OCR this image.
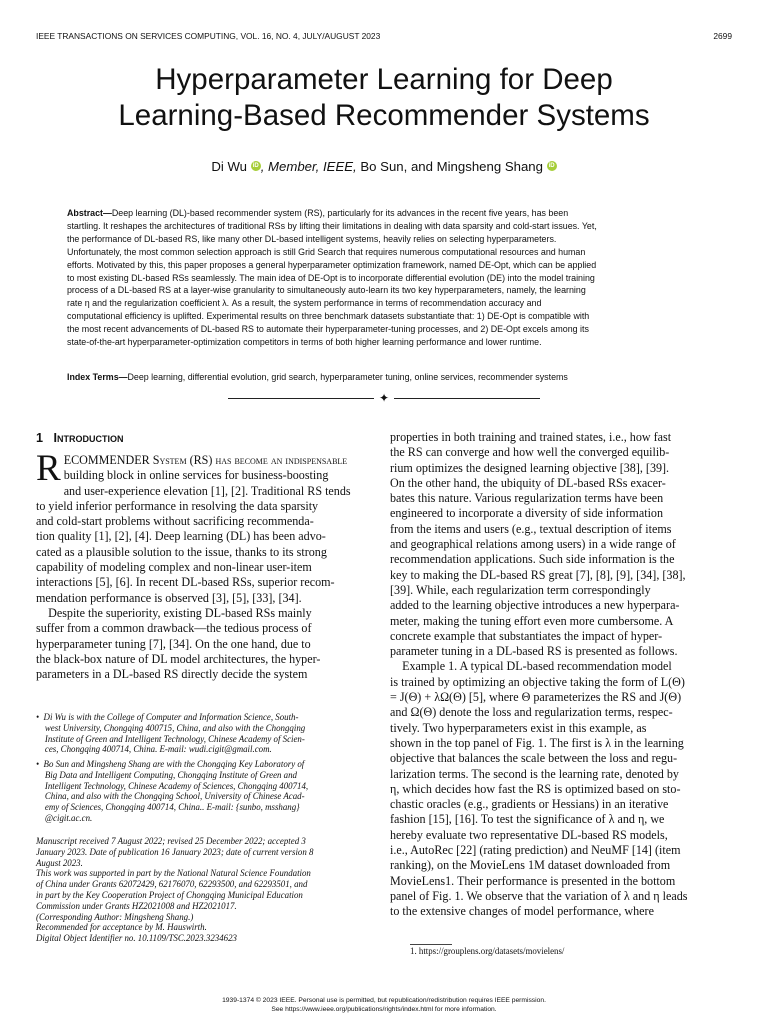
IEEE TRANSACTIONS ON SERVICES COMPUTING, VOL. 16, NO. 4, JULY/AUGUST 2023	2699
Hyperparameter Learning for Deep
Learning-Based Recommender Systems
Di Wu iD , Member, IEEE, Bo Sun, and Mingsheng Shang iD
Abstract—Deep learning (DL)-based recommender system (RS), particularly for its advances in the recent five years, has been
startling. It reshapes the architectures of traditional RSs by lifting their limitations in dealing with data sparsity and cold-start issues. Yet,
the performance of DL-based RS, like many other DL-based intelligent systems, heavily relies on selecting hyperparameters.
Unfortunately, the most common selection approach is still Grid Search that requires numerous computational resources and human
efforts. Motivated by this, this paper proposes a general hyperparameter optimization framework, named DE-Opt, which can be applied
to most existing DL-based RSs seamlessly. The main idea of DE-Opt is to incorporate differential evolution (DE) into the model training
process of a DL-based RS at a layer-wise granularity to simultaneously auto-learn its two key hyperparameters, namely, the learning
rate η and the regularization coefficient λ. As a result, the system performance in terms of recommendation accuracy and
computational efficiency is uplifted. Experimental results on three benchmark datasets substantiate that: 1) DE-Opt is compatible with
the most recent advancements of DL-based RS to automate their hyperparameter-tuning processes, and 2) DE-Opt excels among its
state-of-the-art hyperparameter-optimization competitors in terms of both higher learning performance and lower runtime.
Index Terms—Deep learning, differential evolution, grid search, hyperparameter tuning, online services, recommender systems
✦
1 Introduction
R ECOMMENDER System (RS) has become an indispensable
building block in online services for business-boosting
and user-experience elevation [1], [2]. Traditional RS tends
to yield inferior performance in resolving the data sparsity
and cold-start problems without sacrificing recommenda-
tion quality [1], [2], [4]. Deep learning (DL) has been advo-
cated as a plausible solution to the issue, thanks to its strong
capability of modeling complex and non-linear user-item
interactions [5], [6]. In recent DL-based RSs, superior recom-
mendation performance is observed [3], [5], [33], [34].
Despite the superiority, existing DL-based RSs mainly
suffer from a common drawback—the tedious process of
hyperparameter tuning [7], [34]. On the one hand, due to
the black-box nature of DL model architectures, the hyper-
parameters in a DL-based RS directly decide the system
•  Di Wu is with the College of Computer and Information Science, South-
west University, Chongqing 400715, China, and also with the Chongqing
Institute of Green and Intelligent Technology, Chinese Academy of Scien-
ces, Chongqing 400714, China. E-mail: wudi.cigit@gmail.com.
•  Bo Sun and Mingsheng Shang are with the Chongqing Key Laboratory of
Big Data and Intelligent Computing, Chongqing Institute of Green and
Intelligent Technology, Chinese Academy of Sciences, Chongqing 400714,
China, and also with the Chongqing School, University of Chinese Acad-
emy of Sciences, Chongqing 400714, China.. E-mail: {sunbo, msshang}
@cigit.ac.cn.
Manuscript received 7 August 2022; revised 25 December 2022; accepted 3
January 2023. Date of publication 16 January 2023; date of current version 8
August 2023.
This work was supported in part by the National Natural Science Foundation
of China under Grants 62072429, 62176070, 62293500, and 62293501, and
in part by the Key Cooperation Project of Chongqing Municipal Education
Commission under Grants HZ2021008 and HZ2021017.
(Corresponding Author: Mingsheng Shang.)
Recommended for acceptance by M. Hauswirth.
Digital Object Identifier no. 10.1109/TSC.2023.3234623
properties in both training and trained states, i.e., how fast
the RS can converge and how well the converged equilib-
rium optimizes the designed learning objective [38], [39].
On the other hand, the ubiquity of DL-based RSs exacer-
bates this nature. Various regularization terms have been
engineered to incorporate a diversity of side information
from the items and users (e.g., textual description of items
and geographical relations among users) in a wide range of
recommendation applications. Such side information is the
key to making the DL-based RS great [7], [8], [9], [34], [38],
[39]. While, each regularization term correspondingly
added to the learning objective introduces a new hyperpara-
meter, making the tuning effort even more cumbersome. A
concrete example that substantiates the impact of hyper-
parameter tuning in a DL-based RS is presented as follows.
Example 1. A typical DL-based recommendation model
is trained by optimizing an objective taking the form of L(Θ)
= J(Θ) + λΩ(Θ) [5], where Θ parameterizes the RS and J(Θ)
and Ω(Θ) denote the loss and regularization terms, respec-
tively. Two hyperparameters exist in this example, as
shown in the top panel of Fig. 1. The first is λ in the learning
objective that balances the scale between the loss and regu-
larization terms. The second is the learning rate, denoted by
η, which decides how fast the RS is optimized based on sto-
chastic oracles (e.g., gradients or Hessians) in an iterative
fashion [15], [16]. To test the significance of λ and η, we
hereby evaluate two representative DL-based RS models,
i.e., AutoRec [22] (rating prediction) and NeuMF [14] (item
ranking), on the MovieLens 1M dataset downloaded from
MovieLens1. Their performance is presented in the bottom
panel of Fig. 1. We observe that the variation of λ and η leads
to the extensive changes of model performance, where
1. https://grouplens.org/datasets/movielens/
1939-1374 © 2023 IEEE. Personal use is permitted, but republication/redistribution requires IEEE permission.
See https://www.ieee.org/publications/rights/index.html for more information.
